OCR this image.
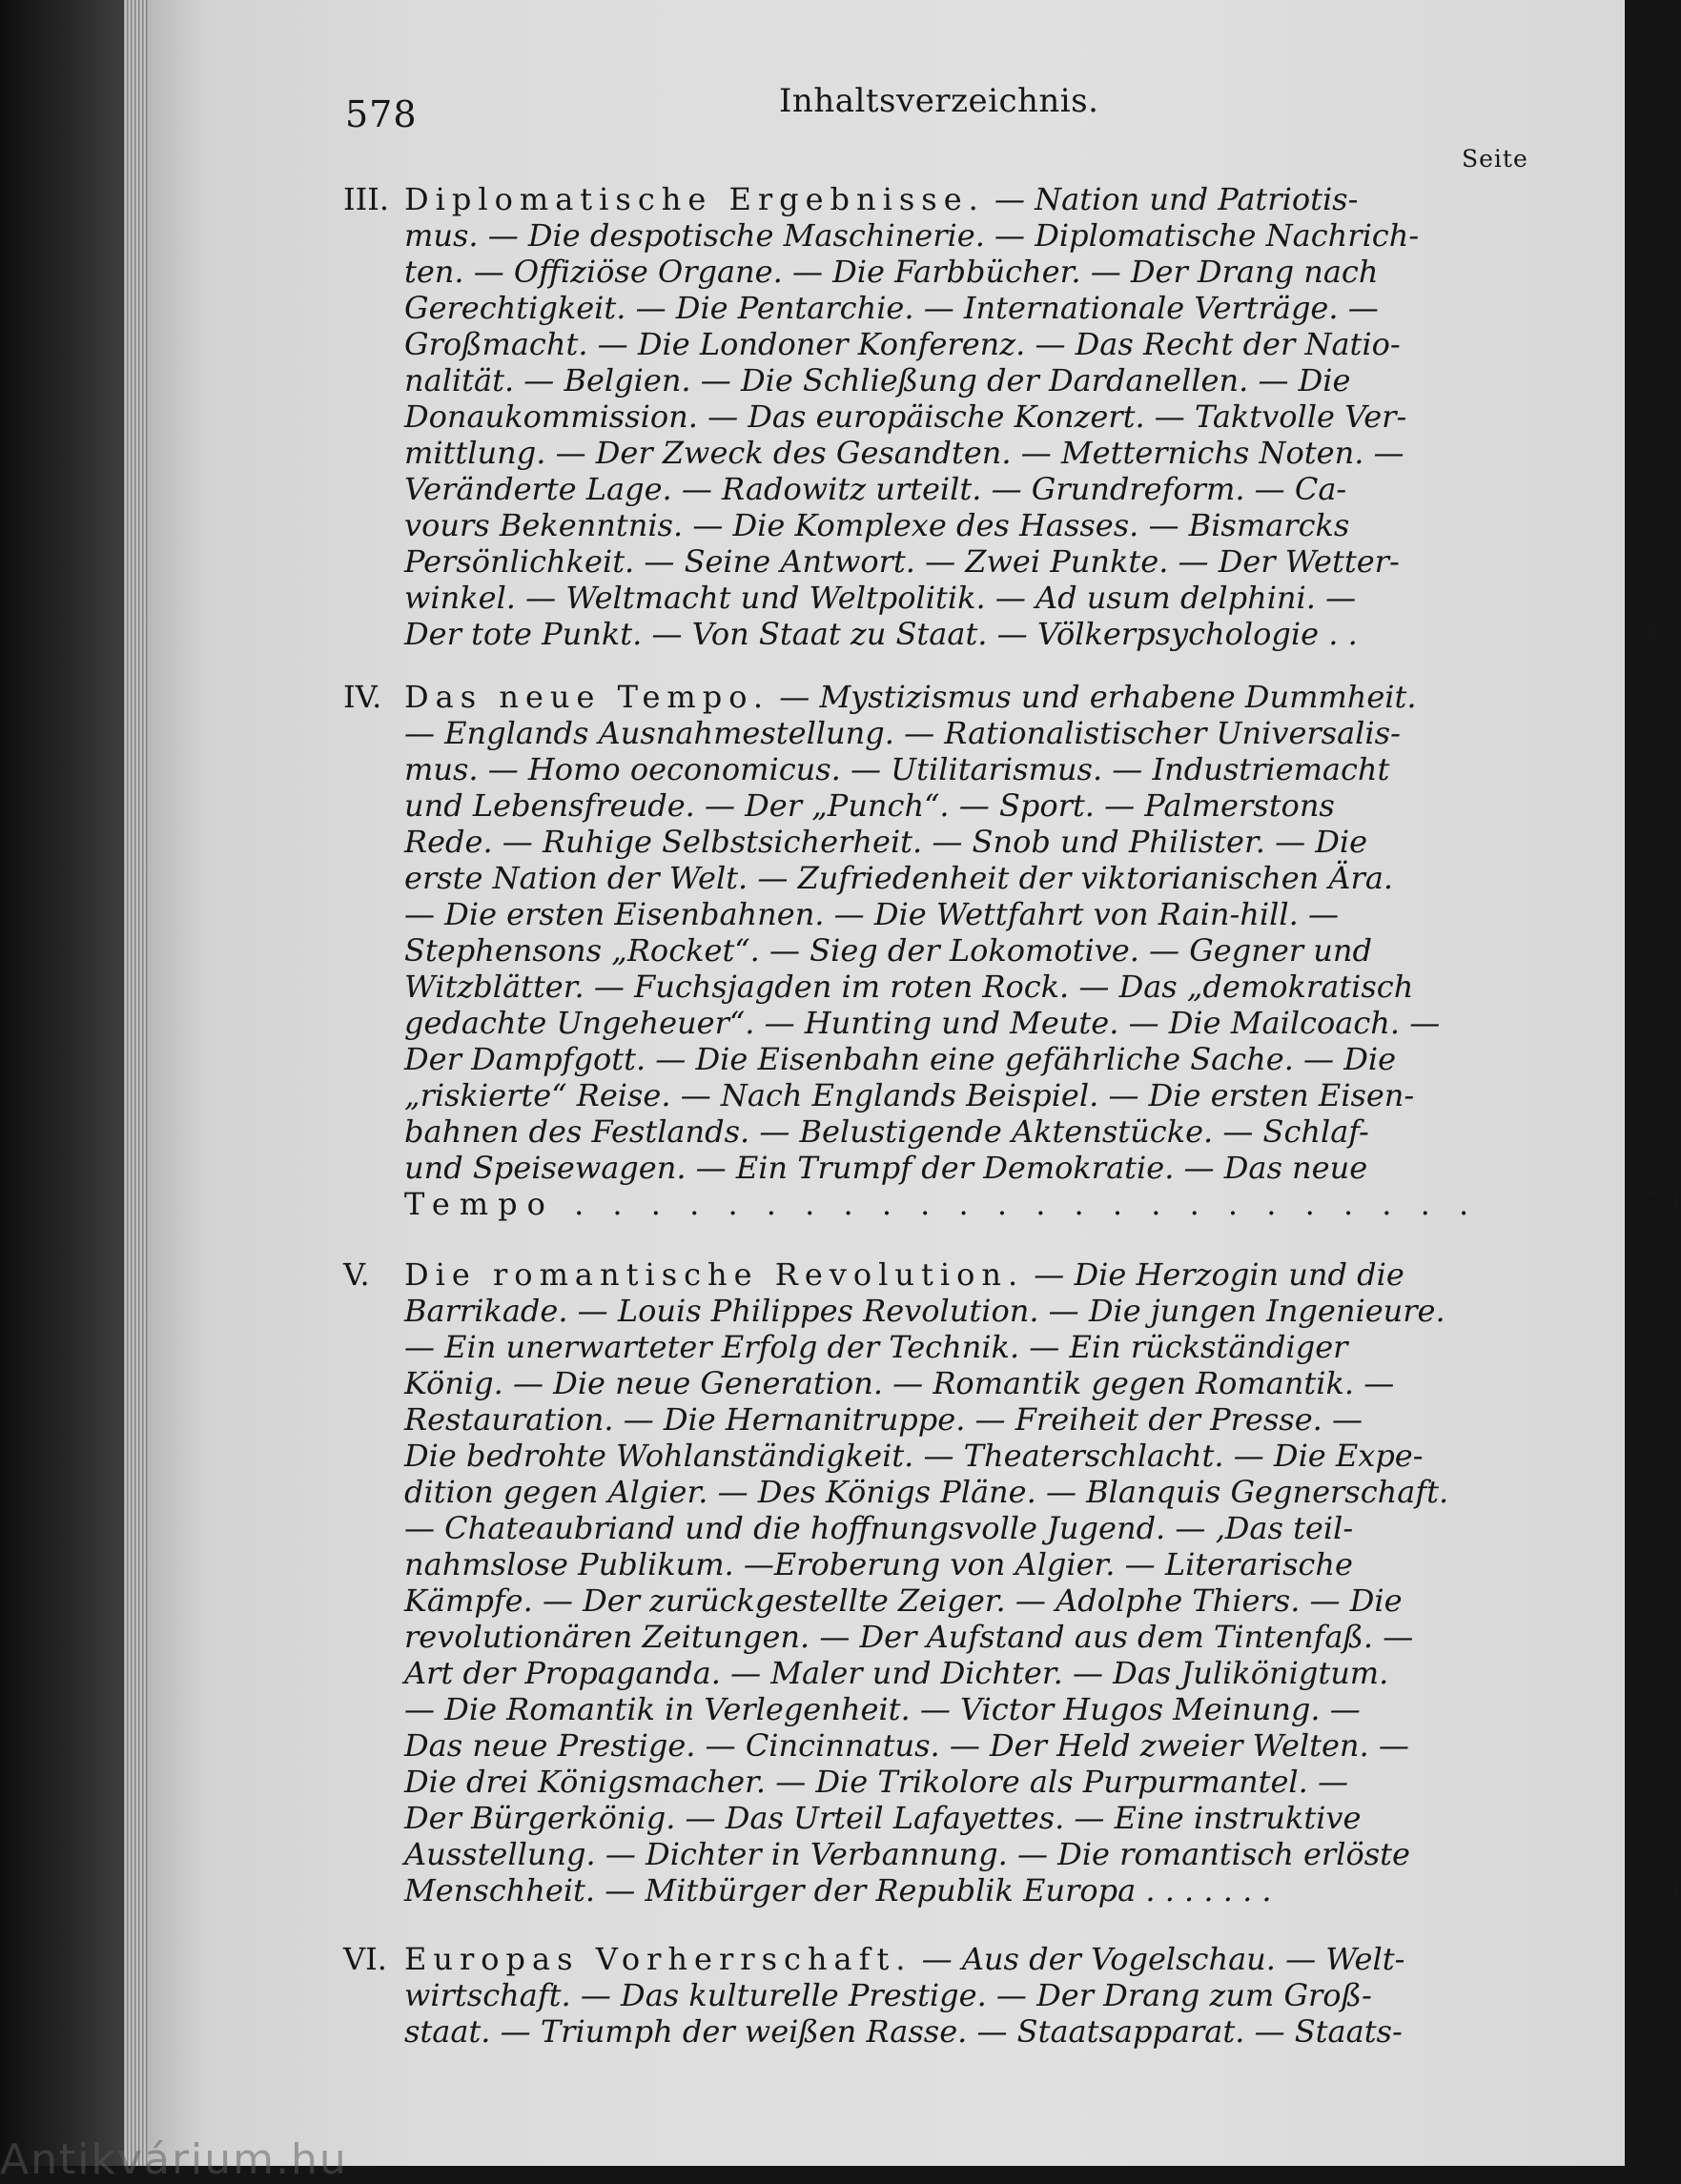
578	Inhaltsverzeichnis.
Seite
III. Diplomatische Ergebnisse. — Nation und Patriotis-
mus. — Die despotische Maschinerie. — Diplomatische Nachrich-
ten. — Offiziöse Organe. — Die Farbbücher. — Der Drang nach
Gerechtigkeit. — Die Pentarchie. — Internationale Verträge. —
Großmacht. — Die Londoner Konferenz. — Das Recht der Natio-
nalität. — Belgien. — Die Schließung der Dardanellen. — Die
Donaukommission. — Das europäische Konzert. — Taktvolle Ver-
mittlung. — Der Zweck des Gesandten. — Metternichs Noten. —
Veränderte Lage. — Radowitz urteilt. — Grundreform. — Ca-
vours Bekenntnis. — Die Komplexe des Hasses. — Bismarcks
Persönlichkeit. — Seine Antwort. — Zwei Punkte. — Der Wetter-
winkel. — Weltmacht und Weltpolitik. — Ad usum delphini. —
Der tote Punkt. — Von Staat zu Staat. — Völkerpsychologie . .	47
IV. Das neue Tempo. — Mystizismus und erhabene Dummheit.
— Englands Ausnahmestellung. — Rationalistischer Universalis-
mus. — Homo oeconomicus. — Utilitarismus. — Industriemacht
und Lebensfreude. — Der „Punch“. — Sport. — Palmerstons
Rede. — Ruhige Selbstsicherheit. — Snob und Philister. — Die
erste Nation der Welt. — Zufriedenheit der viktorianischen Ära.
— Die ersten Eisenbahnen. — Die Wettfahrt von Rain-hill. —
Stephensons „Rocket“. — Sieg der Lokomotive. — Gegner und
Witzblätter. — Fuchsjagden im roten Rock. — Das „demokratisch
gedachte Ungeheuer“. — Hunting und Meute. — Die Mailcoach. —
Der Dampfgott. — Die Eisenbahn eine gefährliche Sache. — Die
„riskierte“ Reise. — Nach Englands Beispiel. — Die ersten Eisen-
bahnen des Festlands. — Belustigende Aktenstücke. — Schlaf-
und Speisewagen. — Ein Trumpf der Demokratie. — Das neue
Tempo . . . . . . . . . . . . . . . . . . . . . . . .	59
V. Die romantische Revolution. — Die Herzogin und die
Barrikade. — Louis Philippes Revolution. — Die jungen Ingenieure.
— Ein unerwarteter Erfolg der Technik. — Ein rückständiger
König. — Die neue Generation. — Romantik gegen Romantik. —
Restauration. — Die Hernanitruppe. — Freiheit der Presse. —
Die bedrohte Wohlanständigkeit. — Theaterschlacht. — Die Expe-
dition gegen Algier. — Des Königs Pläne. — Blanquis Gegnerschaft.
— Chateaubriand und die hoffnungsvolle Jugend. — ‚Das teil-
nahmslose Publikum. —Eroberung von Algier. — Literarische
Kämpfe. — Der zurückgestellte Zeiger. — Adolphe Thiers. — Die
revolutionären Zeitungen. — Der Aufstand aus dem Tintenfaß. —
Art der Propaganda. — Maler und Dichter. — Das Julikönigtum.
— Die Romantik in Verlegenheit. — Victor Hugos Meinung. —
Das neue Prestige. — Cincinnatus. — Der Held zweier Welten. —
Die drei Königsmacher. — Die Trikolore als Purpurmantel. —
Der Bürgerkönig. — Das Urteil Lafayettes. — Eine instruktive
Ausstellung. — Dichter in Verbannung. — Die romantisch erlöste
Menschheit. — Mitbürger der Republik Europa . . . . . . .	73
VI. Europas Vorherrschaft. — Aus der Vogelschau. — Welt-
wirtschaft. — Das kulturelle Prestige. — Der Drang zum Groß-
staat. — Triumph der weißen Rasse. — Staatsapparat. — Staats-
Antikvárium.hu
